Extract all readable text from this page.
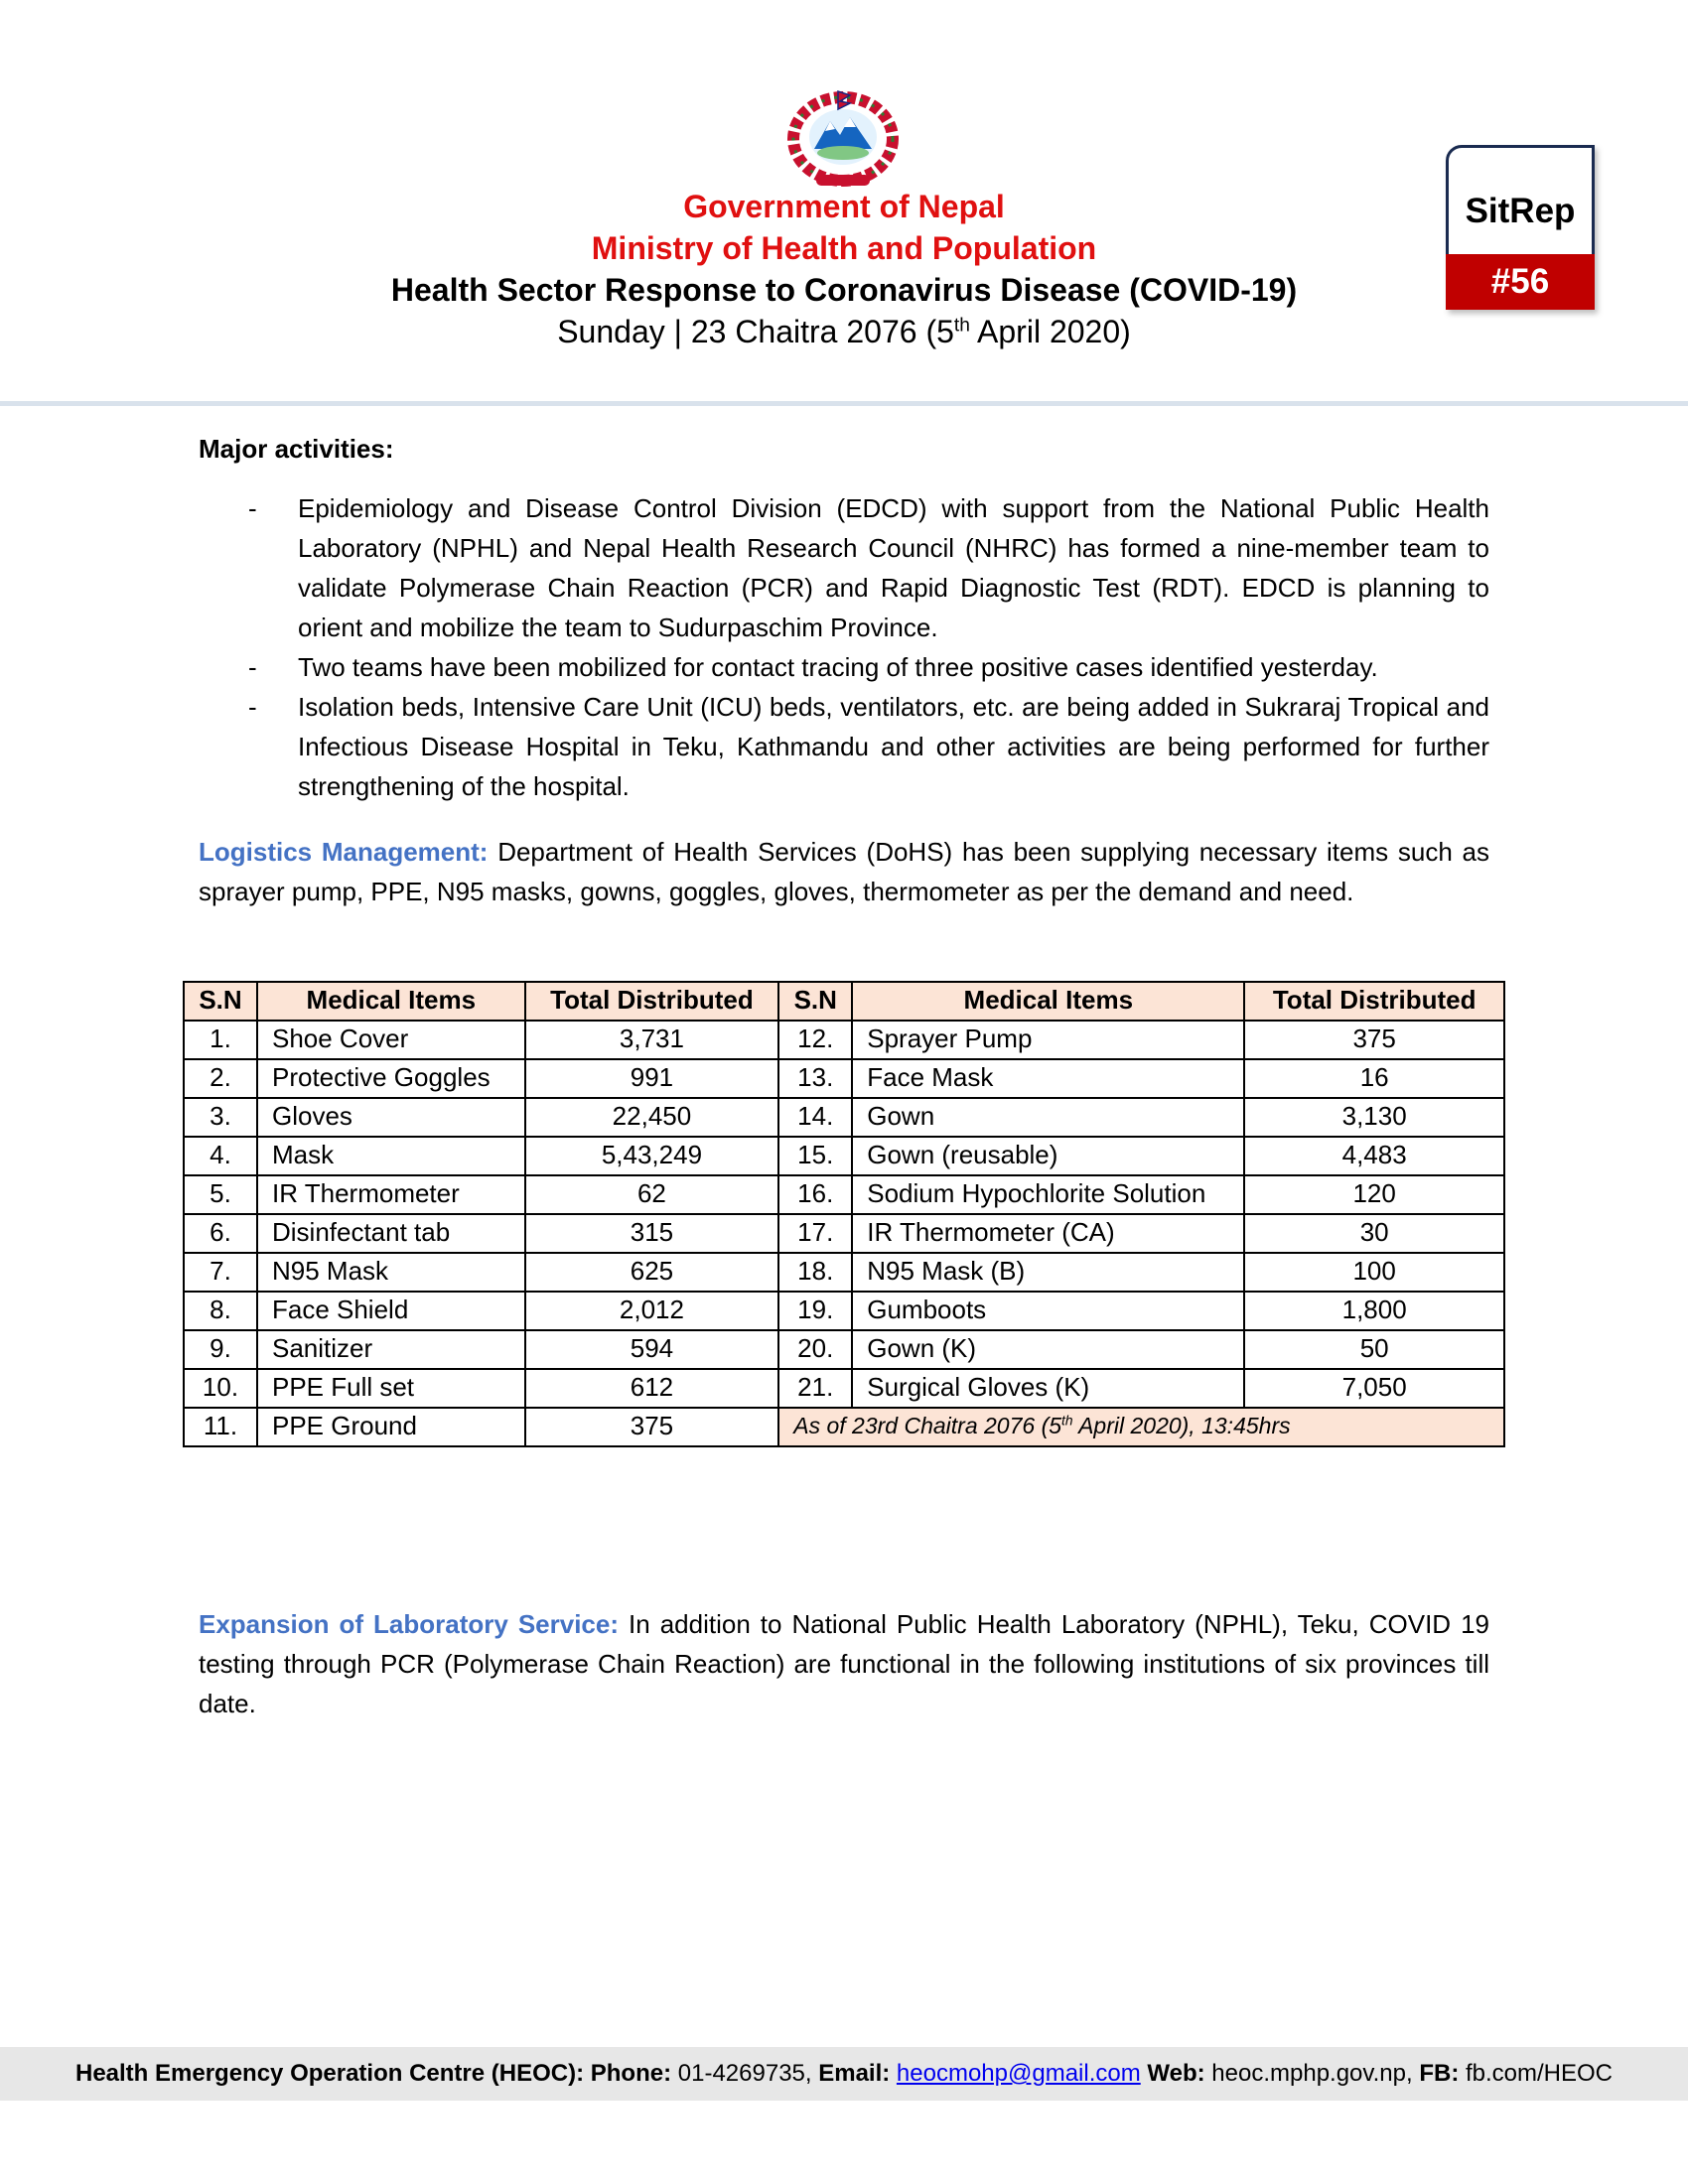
Government of Nepal
Ministry of Health and Population
Health Sector Response to Coronavirus Disease (COVID-19)
Sunday | 23 Chaitra 2076 (5th April 2020)
SitRep
#56
Major activities:
- Epidemiology and Disease Control Division (EDCD) with support from the National Public Health Laboratory (NPHL) and Nepal Health Research Council (NHRC) has formed a nine-member team to validate Polymerase Chain Reaction (PCR) and Rapid Diagnostic Test (RDT). EDCD is planning to orient and mobilize the team to Sudurpaschim Province.
- Two teams have been mobilized for contact tracing of three positive cases identified yesterday.
- Isolation beds, Intensive Care Unit (ICU) beds, ventilators, etc. are being added in Sukraraj Tropical and Infectious Disease Hospital in Teku, Kathmandu and other activities are being performed for further strengthening of the hospital.
Logistics Management: Department of Health Services (DoHS) has been supplying necessary items such as sprayer pump, PPE, N95 masks, gowns, goggles, gloves, thermometer as per the demand and need.
S.N	Medical Items	Total Distributed	S.N	Medical Items	Total Distributed
1.	Shoe Cover	3,731	12.	Sprayer Pump	375
2.	Protective Goggles	991	13.	Face Mask	16
3.	Gloves	22,450	14.	Gown	3,130
4.	Mask	5,43,249	15.	Gown (reusable)	4,483
5.	IR Thermometer	62	16.	Sodium Hypochlorite Solution	120
6.	Disinfectant tab	315	17.	IR Thermometer (CA)	30
7.	N95 Mask	625	18.	N95 Mask (B)	100
8.	Face Shield	2,012	19.	Gumboots	1,800
9.	Sanitizer	594	20.	Gown (K)	50
10.	PPE Full set	612	21.	Surgical Gloves (K)	7,050
11.	PPE Ground	375	As of 23rd Chaitra 2076 (5th April 2020), 13:45hrs		
Expansion of Laboratory Service: In addition to National Public Health Laboratory (NPHL), Teku, COVID 19 testing through PCR (Polymerase Chain Reaction) are functional in the following institutions of six provinces till date.
Health Emergency Operation Centre (HEOC): Phone: 01-4269735, Email: heocmohp@gmail.com Web: heoc.mphp.gov.np, FB: fb.com/HEOC
